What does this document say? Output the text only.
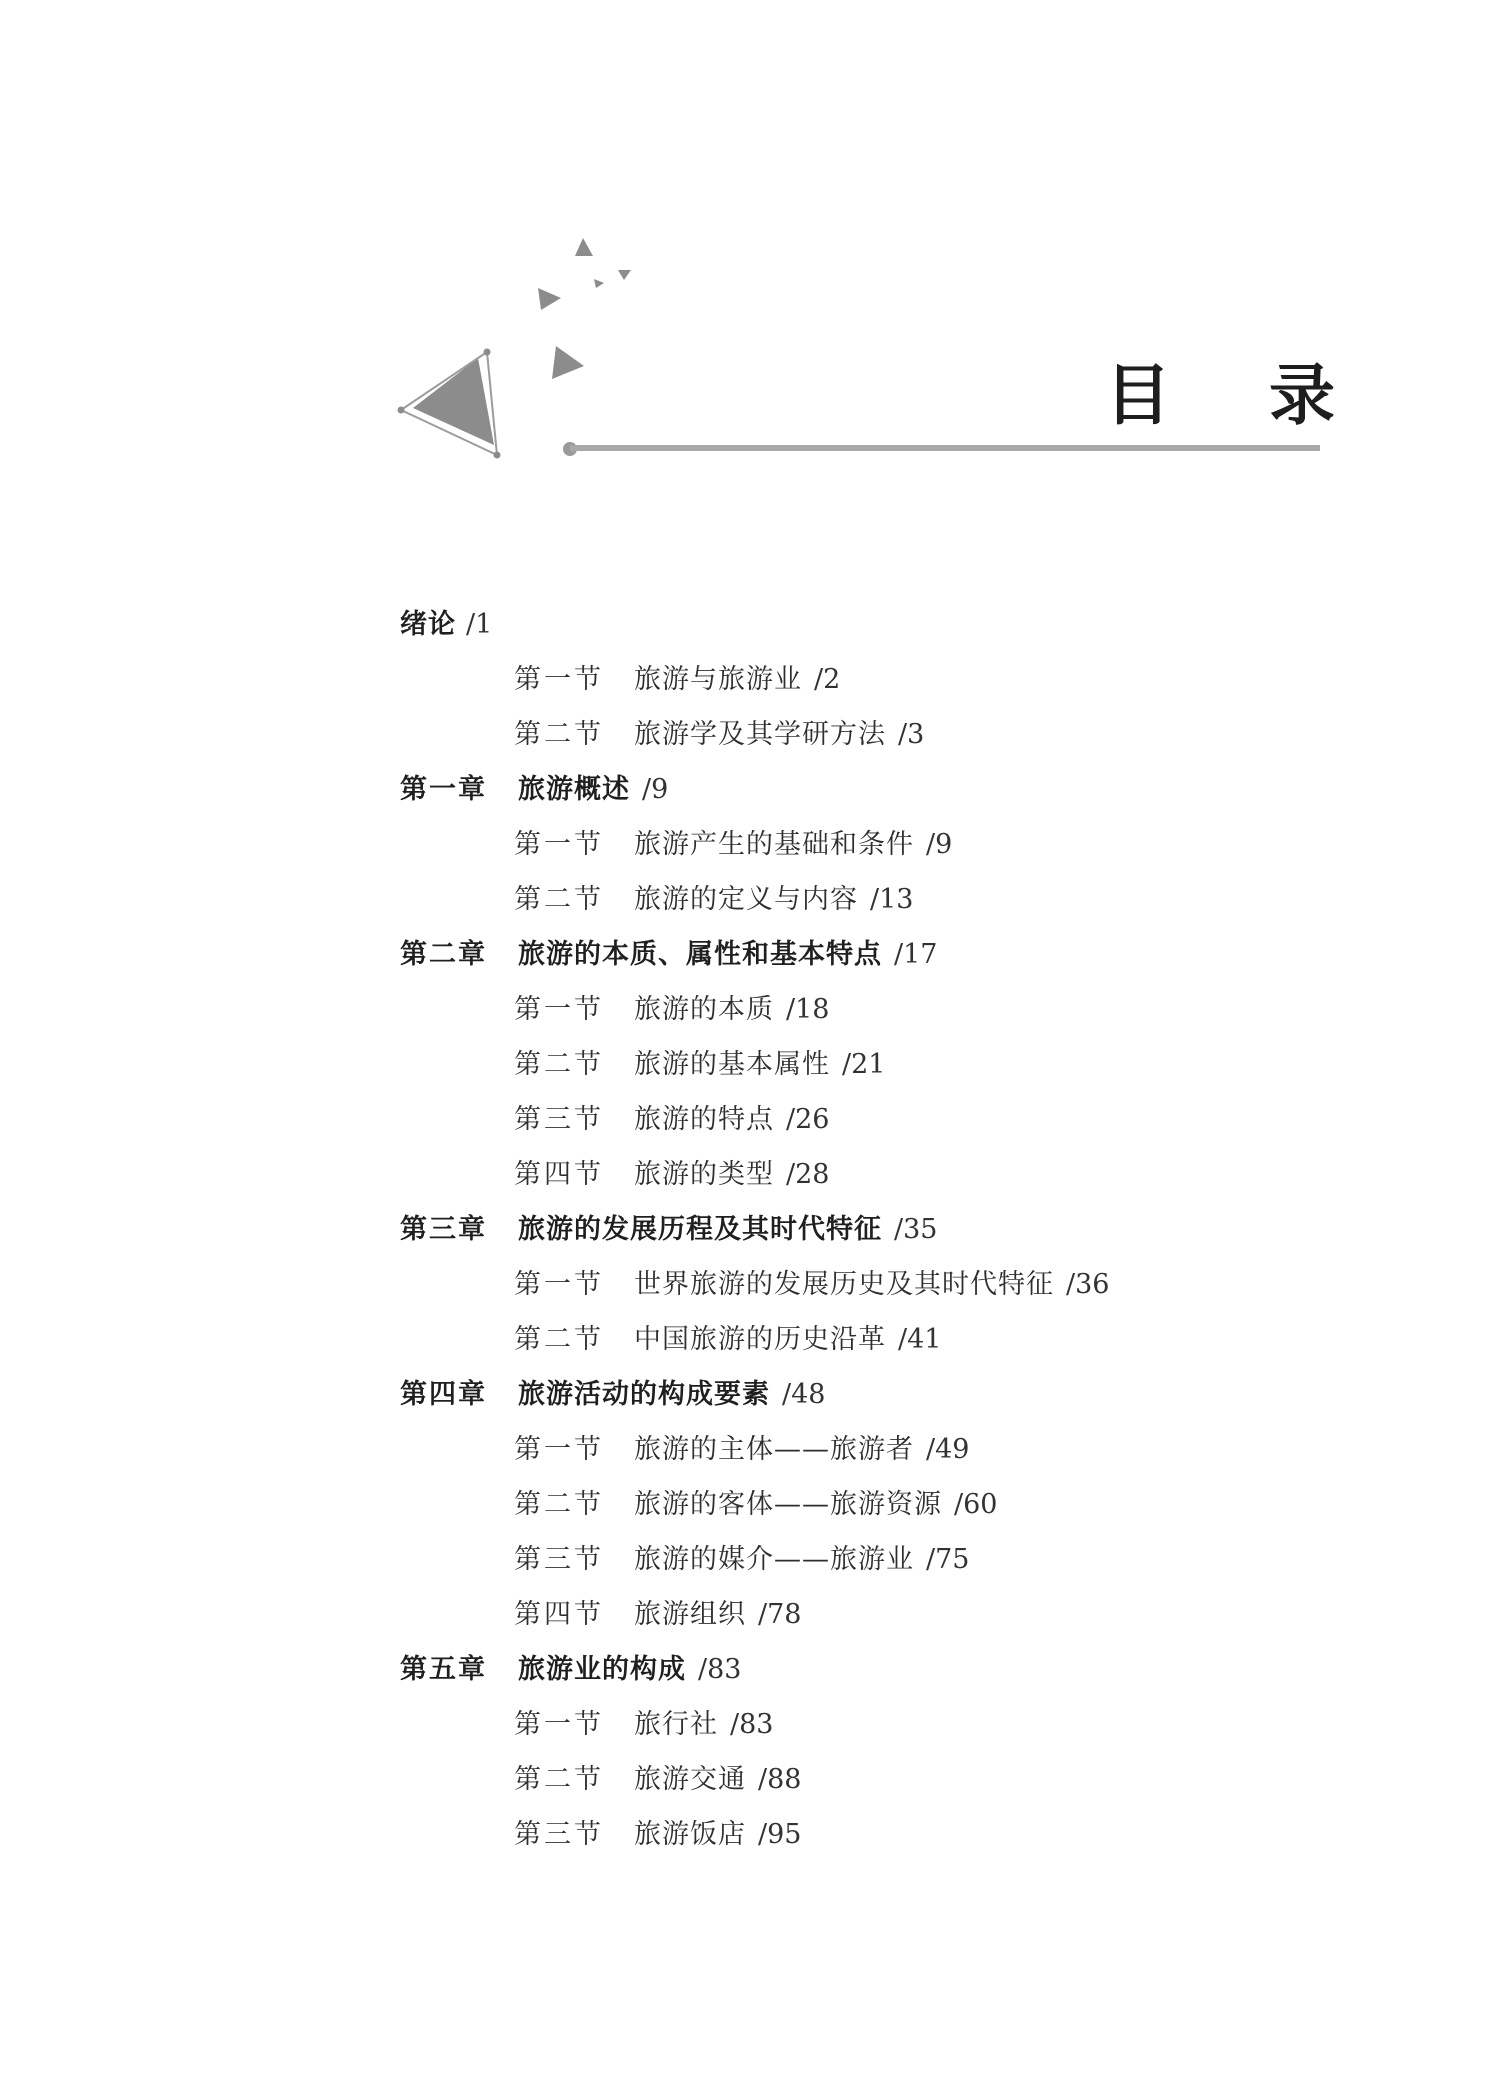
目 录
绪论 /1
第一节	旅游与旅游业 /2
第二节	旅游学及其学研方法 /3
第一章	旅游概述 /9
第一节	旅游产生的基础和条件 /9
第二节	旅游的定义与内容 /13
第二章	旅游的本质、属性和基本特点 /17
第一节	旅游的本质 /18
第二节	旅游的基本属性 /21
第三节	旅游的特点 /26
第四节	旅游的类型 /28
第三章	旅游的发展历程及其时代特征 /35
第一节	世界旅游的发展历史及其时代特征 /36
第二节	中国旅游的历史沿革 /41
第四章	旅游活动的构成要素 /48
第一节	旅游的主体——旅游者 /49
第二节	旅游的客体——旅游资源 /60
第三节	旅游的媒介——旅游业 /75
第四节	旅游组织 /78
第五章	旅游业的构成 /83
第一节	旅行社 /83
第二节	旅游交通 /88
第三节	旅游饭店 /95
